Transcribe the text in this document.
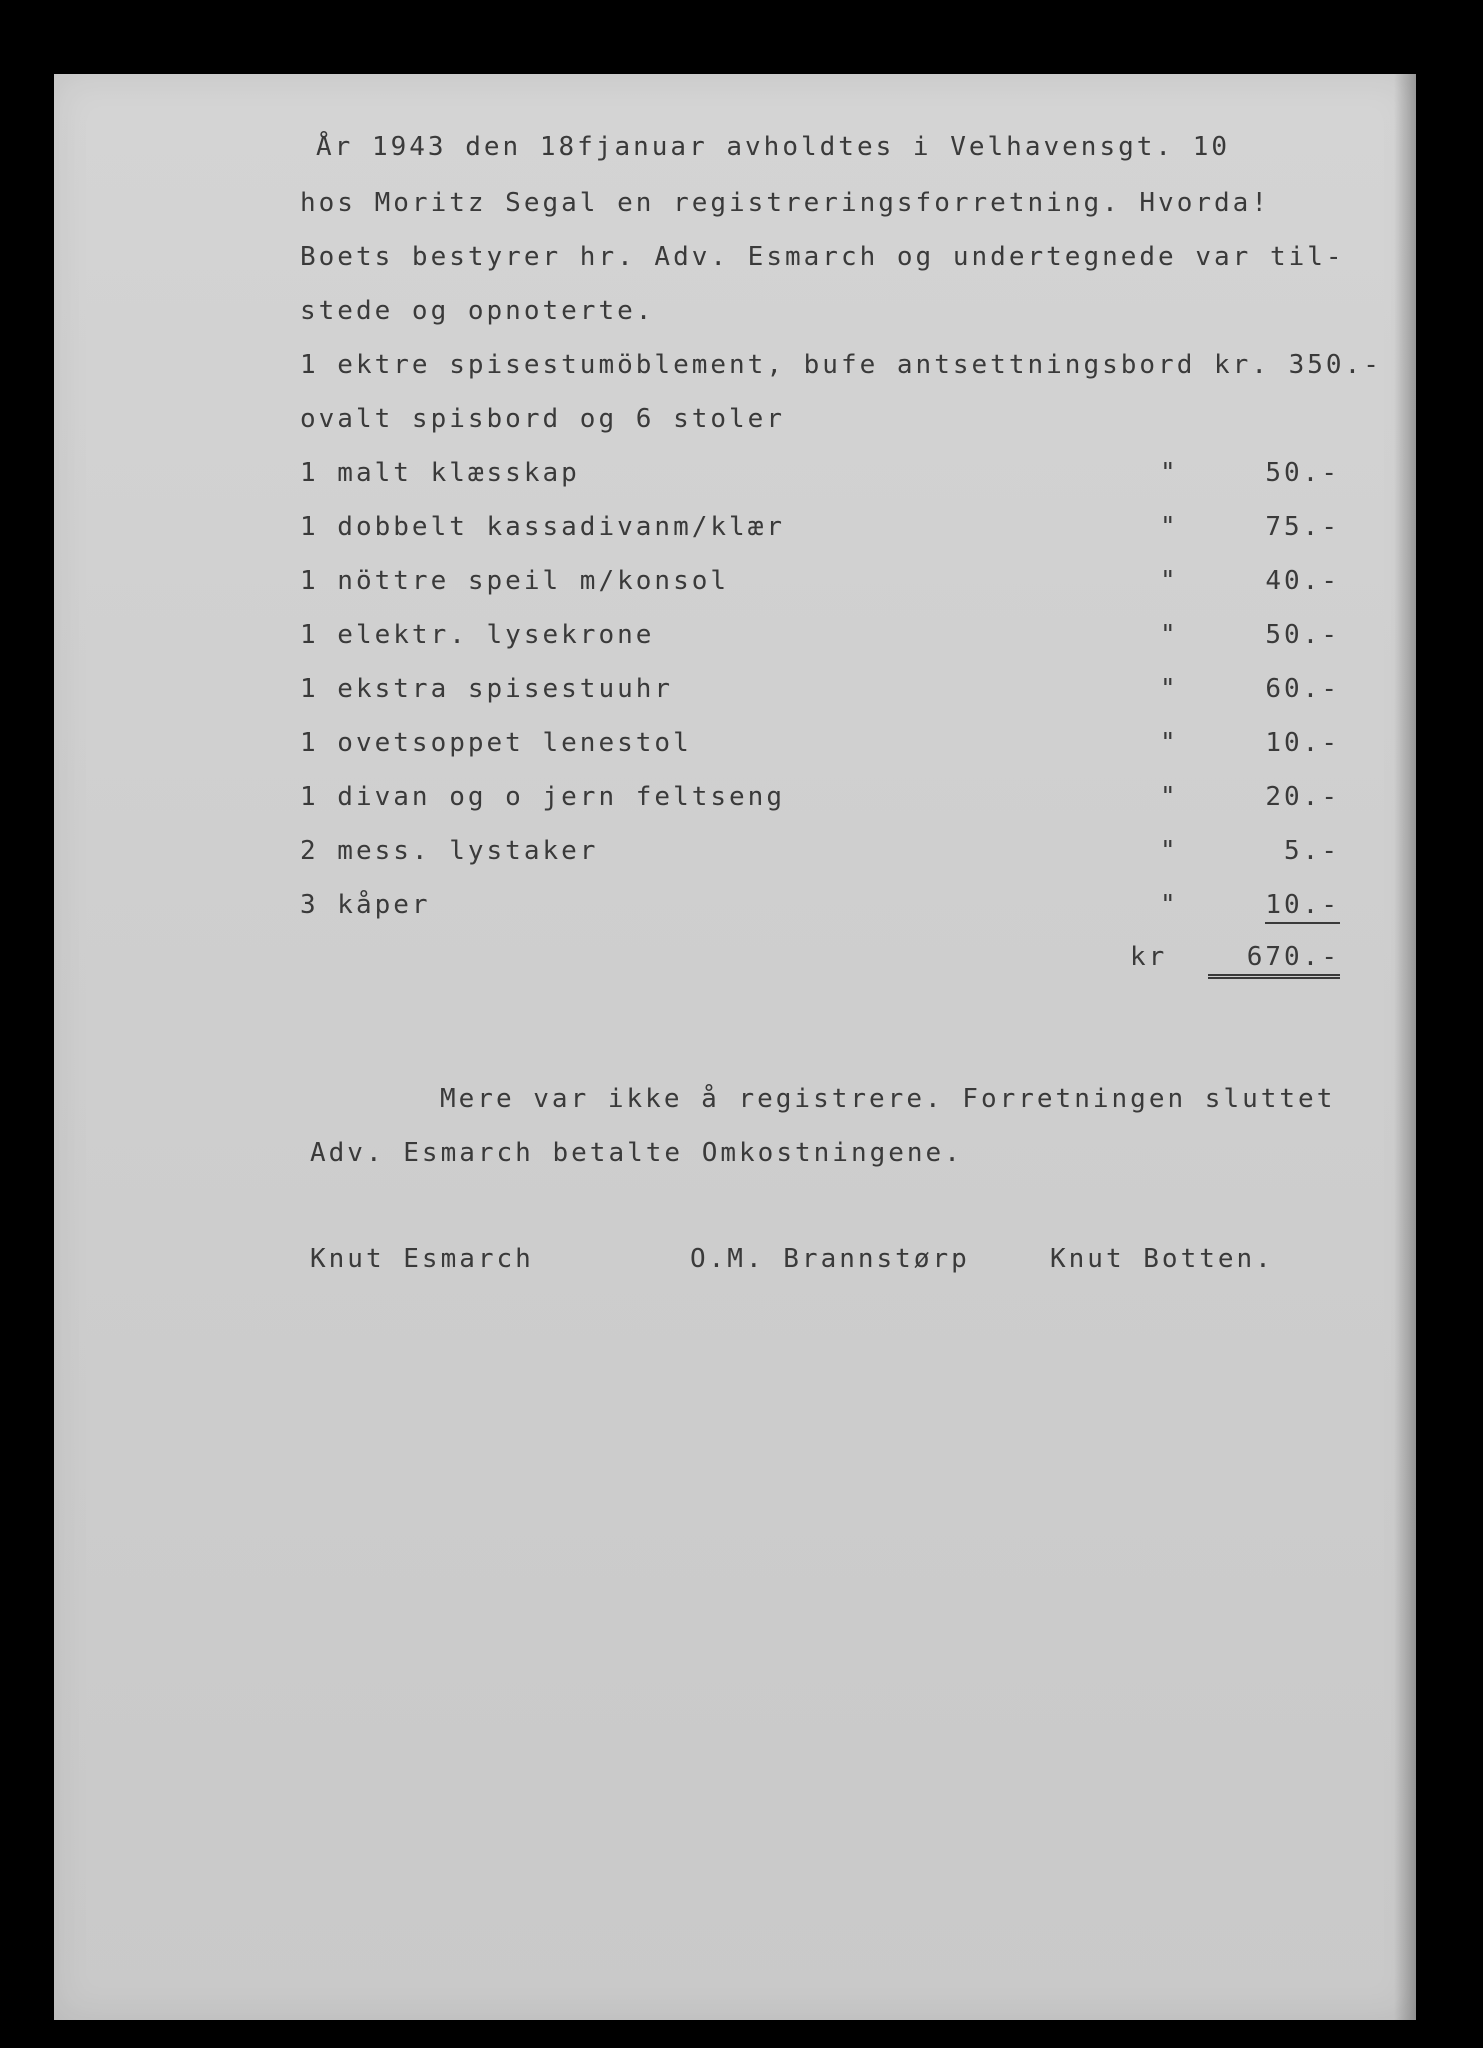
År 1943 den 18fjanuar avholdtes i Velhavensgt. 10
hos Moritz Segal en registreringsforretning. Hvorda!
Boets bestyrer hr. Adv. Esmarch og undertegnede var til-
stede og opnoterte.
1 ektre spisestumöblement, bufe antsettningsbord kr. 350.-
ovalt spisbord og 6 stoler
1 malt klæsskap	"	50.-
1 dobbelt kassadivanm/klær	"	75.-
1 nöttre speil m/konsol	"	40.-
1 elektr. lysekrone	"	50.-
1 ekstra spisestuuhr	"	60.-
1 ovetsoppet lenestol	"	10.-
1 divan og o jern feltseng	"	20.-
2 mess. lystaker	"	5.-
3 kåper	"	10.-
kr	670.-
Mere var ikke å registrere. Forretningen sluttet
Adv. Esmarch betalte Omkostningene.
Knut Esmarch	O.M. Brannstørp	Knut Botten.
